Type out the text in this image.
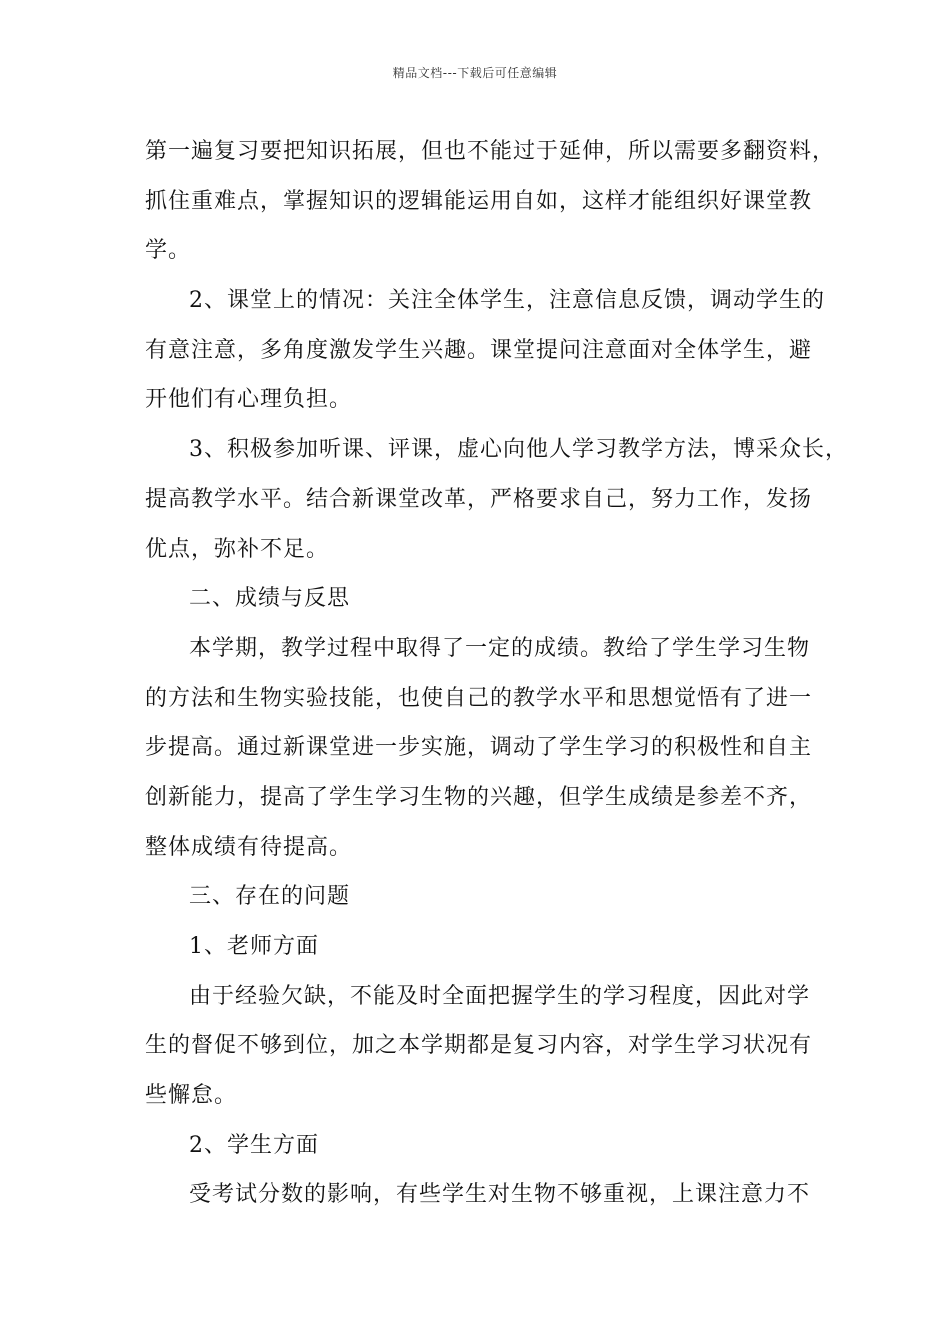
精品文档---下载后可任意编辑
第一遍复习要把知识拓展，但也不能过于延伸，所以需要多翻资料，
抓住重难点，掌握知识的逻辑能运用自如，这样才能组织好课堂教
学。
2、课堂上的情况：关注全体学生，注意信息反馈，调动学生的
有意注意，多角度激发学生兴趣。课堂提问注意面对全体学生，避
开他们有心理负担。
3、积极参加听课、评课，虚心向他人学习教学方法，博采众长，
提高教学水平。结合新课堂改革，严格要求自己，努力工作，发扬
优点，弥补不足。
二、成绩与反思
本学期，教学过程中取得了一定的成绩。教给了学生学习生物
的方法和生物实验技能，也使自己的教学水平和思想觉悟有了进一
步提高。通过新课堂进一步实施，调动了学生学习的积极性和自主
创新能力，提高了学生学习生物的兴趣，但学生成绩是参差不齐，
整体成绩有待提高。
三、存在的问题
1、老师方面
由于经验欠缺，不能及时全面把握学生的学习程度，因此对学
生的督促不够到位，加之本学期都是复习内容，对学生学习状况有
些懈怠。
2、学生方面
受考试分数的影响，有些学生对生物不够重视，上课注意力不
